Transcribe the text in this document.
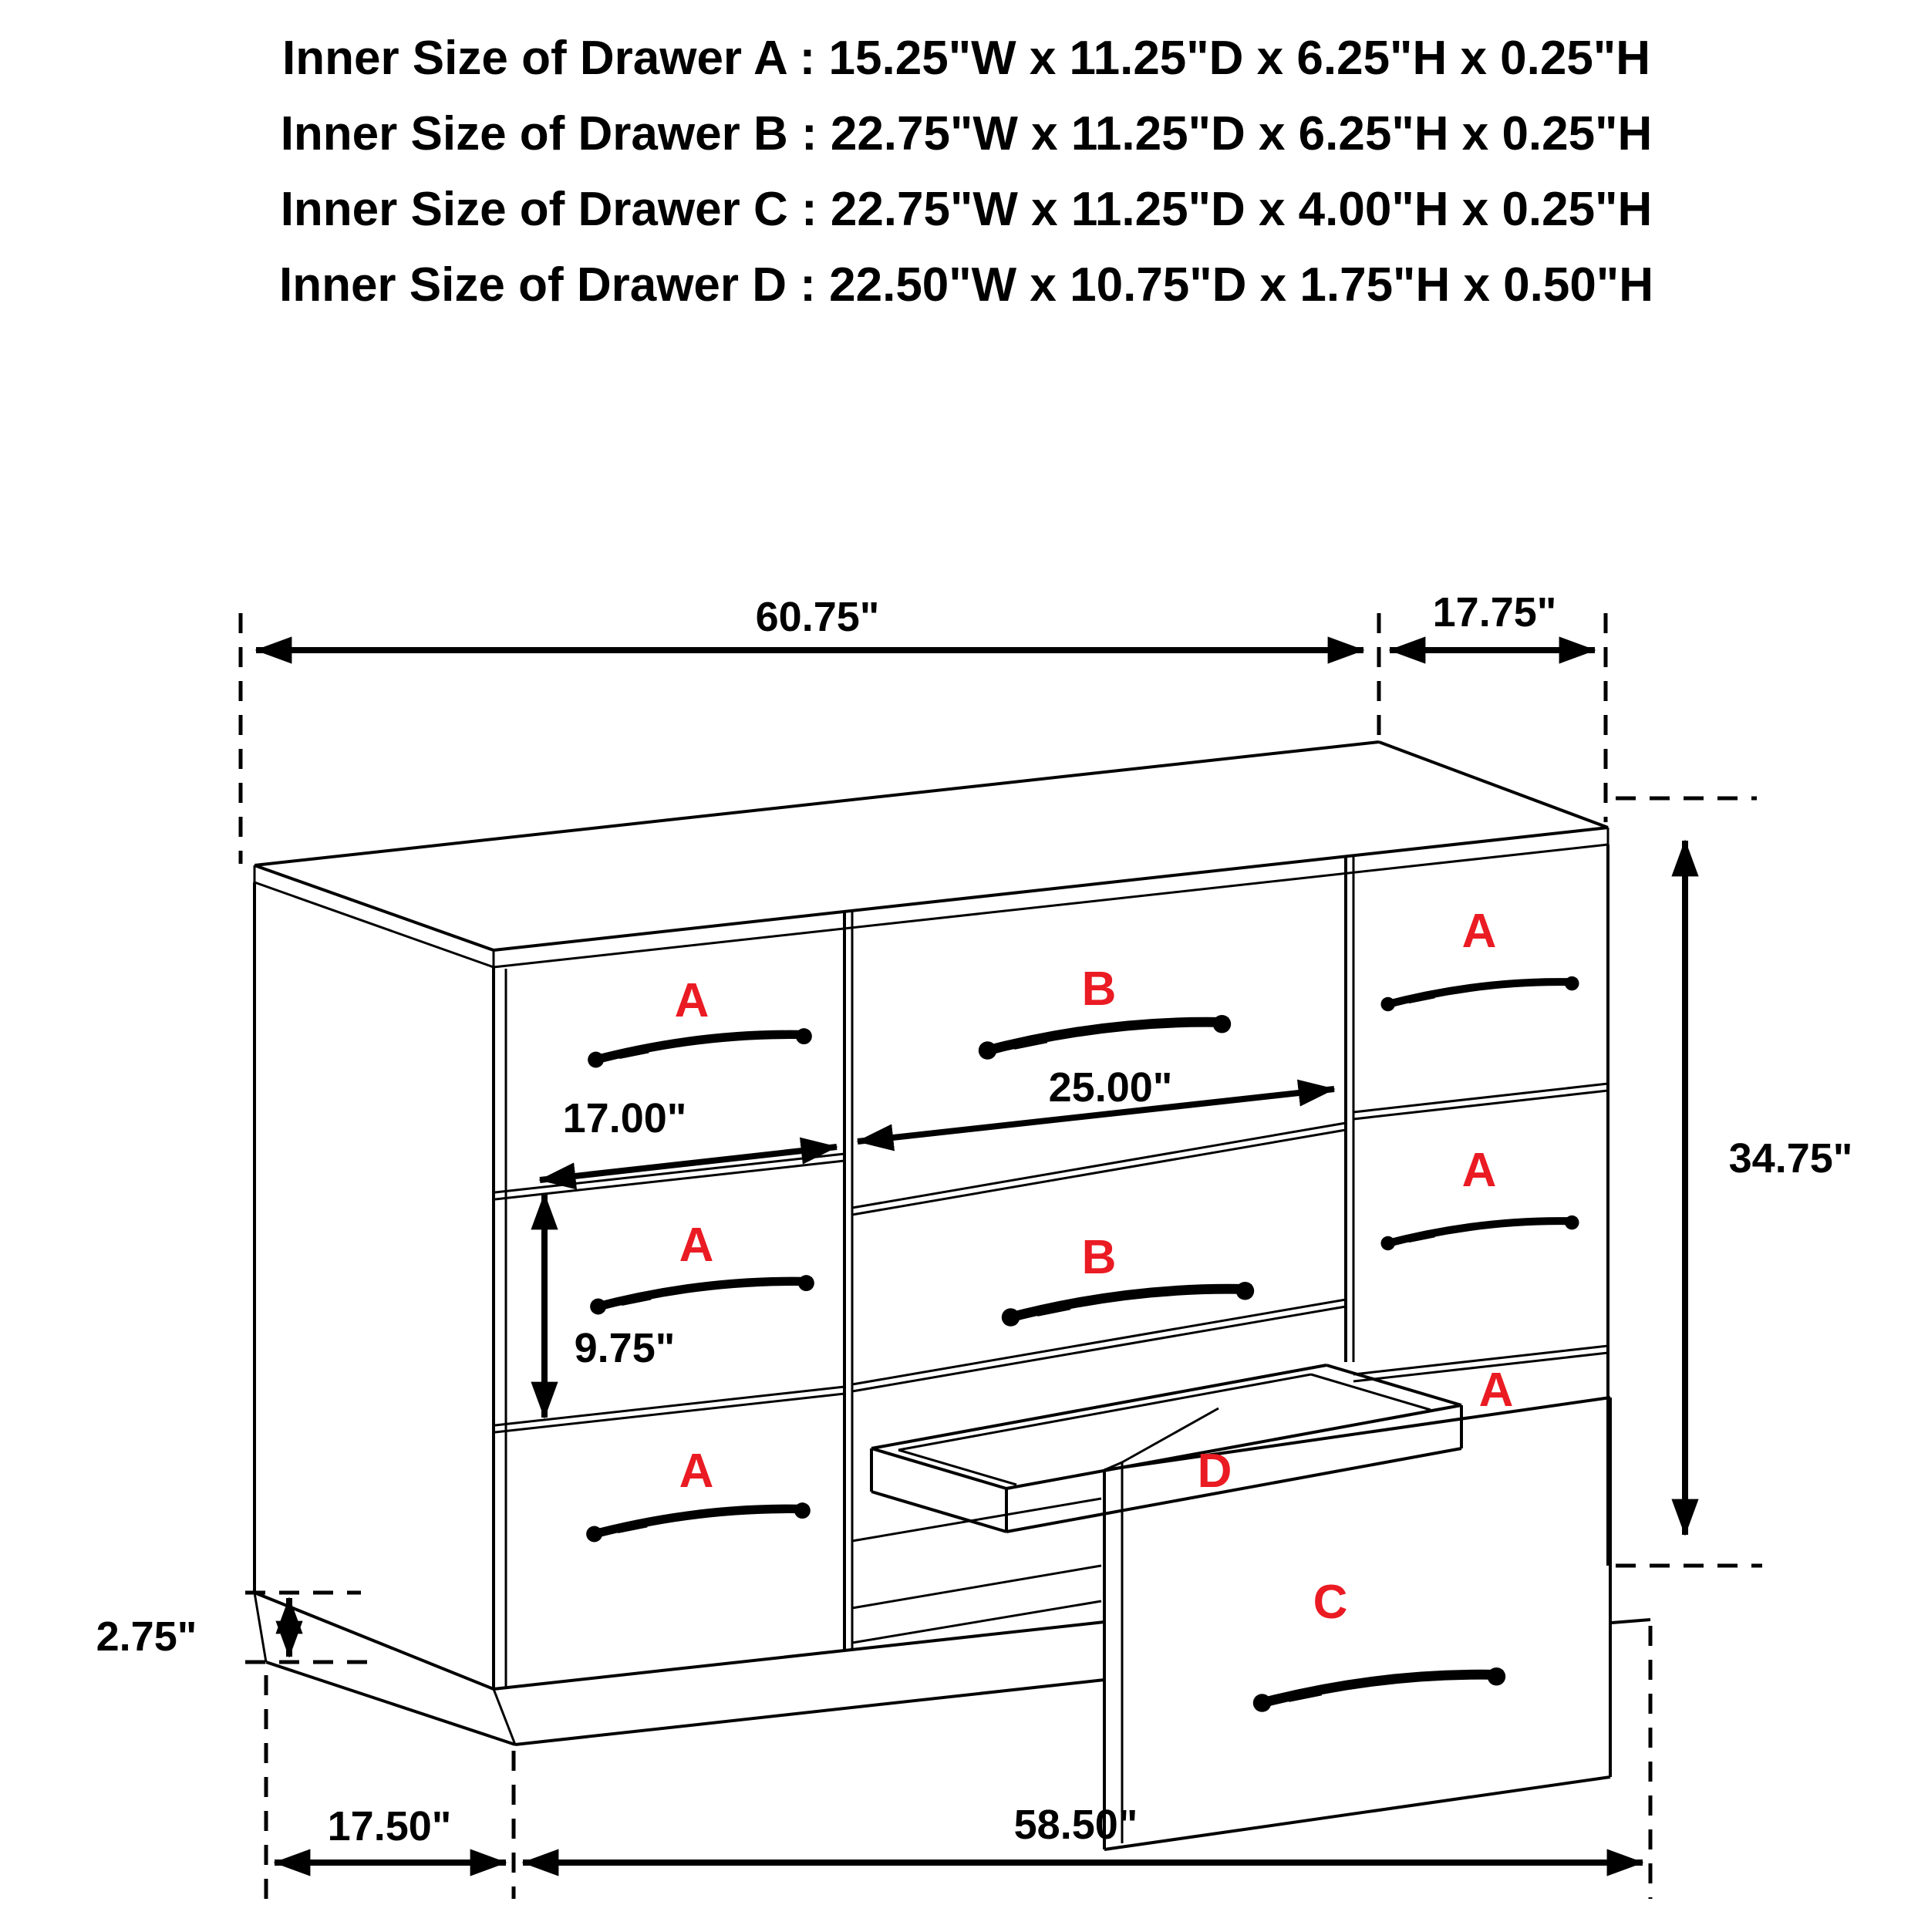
Inner Size of Drawer A : 15.25"W x 11.25"D x 6.25"H x 0.25"H
Inner Size of Drawer B : 22.75"W x 11.25"D x 6.25"H x 0.25"H
Inner Size of Drawer C : 22.75"W x 11.25"D x 4.00"H x 0.25"H
Inner Size of Drawer D : 22.50"W x 10.75"D x 1.75"H x 0.50"H
A
A
A
B
B
A
A
A
C
D
60.75"	17.75"
34.75"
17.00"
25.00"
9.75"
2.75"
17.50"	58.50"
